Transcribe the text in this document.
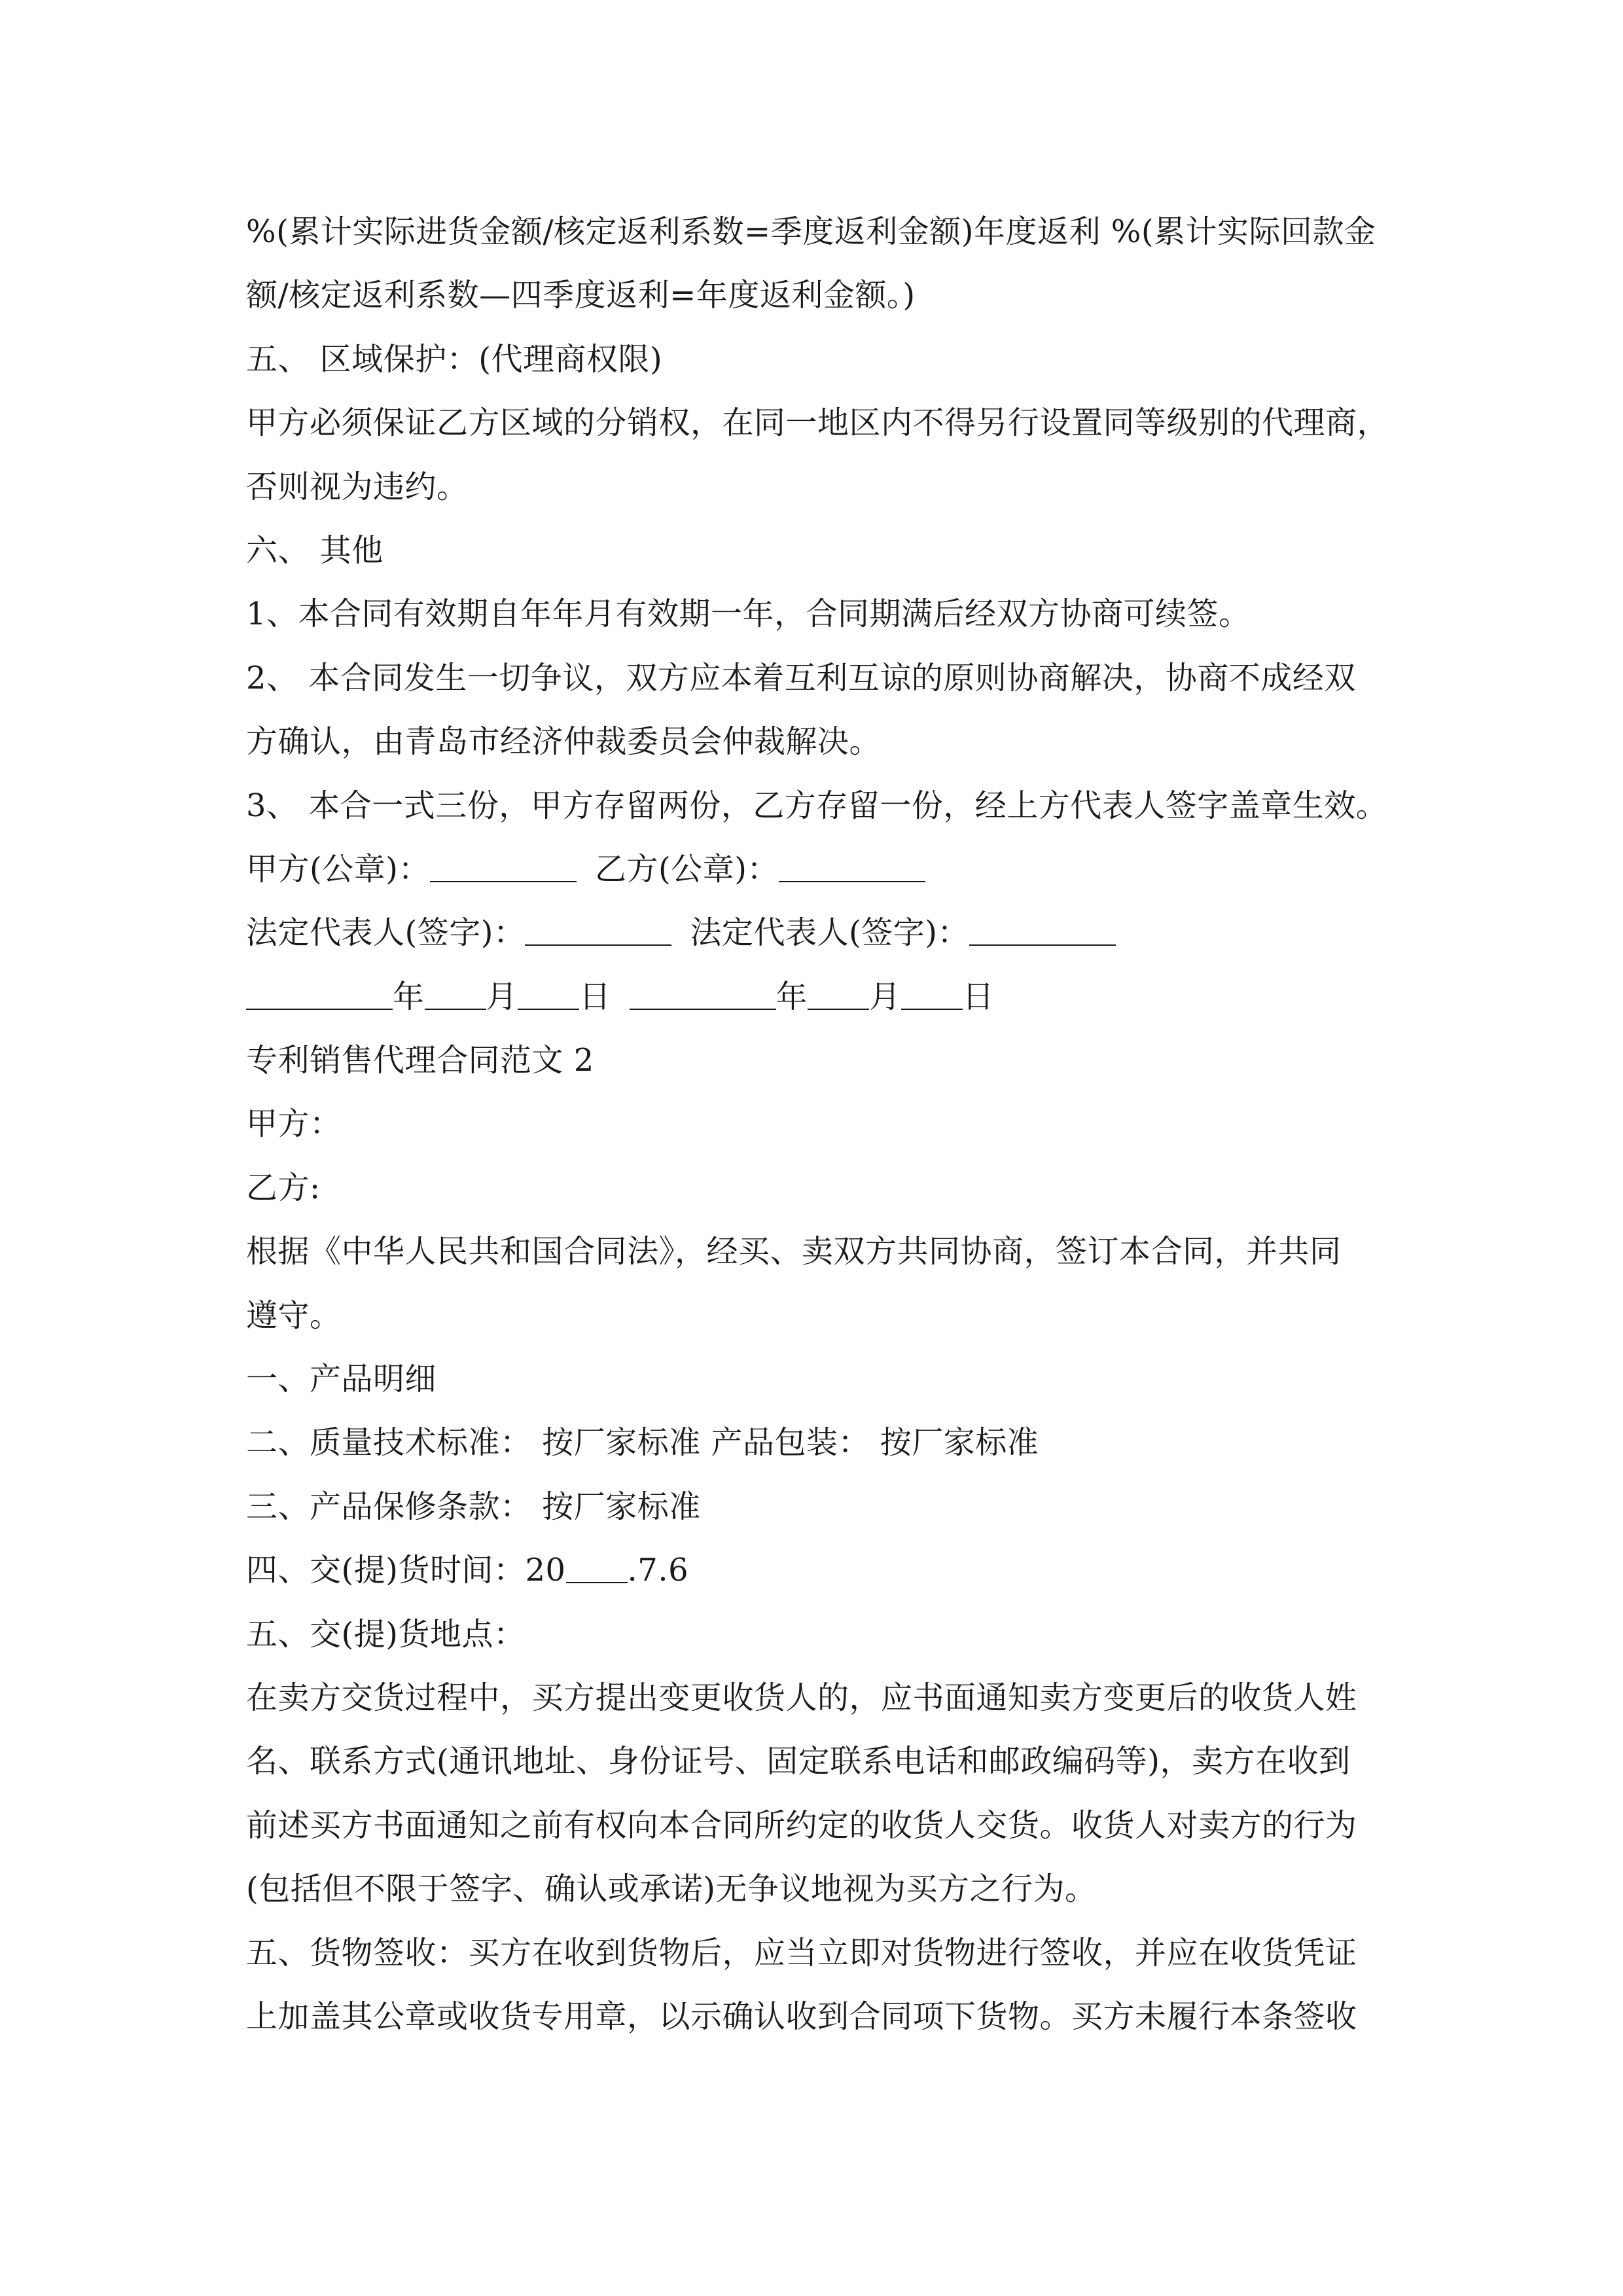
%(累计实际进货金额/核定返利系数=季度返利金额)年度返利 %(累计实际回款金
额/核定返利系数—四季度返利=年度返利金额。)
五、 区域保护：(代理商权限)
甲方必须保证乙方区域的分销权，在同一地区内不得另行设置同等级别的代理商，
否则视为违约。
六、 其他
1、本合同有效期自年年月有效期一年，合同期满后经双方协商可续签。
2、 本合同发生一切争议，双方应本着互利互谅的原则协商解决，协商不成经双
方确认，由青岛市经济仲裁委员会仲裁解决。
3、 本合一式三份，甲方存留两份，乙方存留一份，经上方代表人签字盖章生效。
甲方(公章)：	乙方(公章)：
法定代表人(签字)：	法定代表人(签字)：
年 月 日	年 月 日
专利销售代理合同范文 2
甲方：
乙方:
根据《中华人民共和国合同法》，经买、卖双方共同协商，签订本合同，并共同
遵守。
一、产品明细
二、质量技术标准： 按厂家标准 产品包装： 按厂家标准
三、产品保修条款： 按厂家标准
四、交(提)货时间：20 .7.6
五、交(提)货地点：
在卖方交货过程中，买方提出变更收货人的，应书面通知卖方变更后的收货人姓
名、联系方式(通讯地址、身份证号、固定联系电话和邮政编码等)，卖方在收到
前述买方书面通知之前有权向本合同所约定的收货人交货。收货人对卖方的行为
(包括但不限于签字、确认或承诺)无争议地视为买方之行为。
五、货物签收：买方在收到货物后，应当立即对货物进行签收，并应在收货凭证
上加盖其公章或收货专用章，以示确认收到合同项下货物。买方未履行本条签收
